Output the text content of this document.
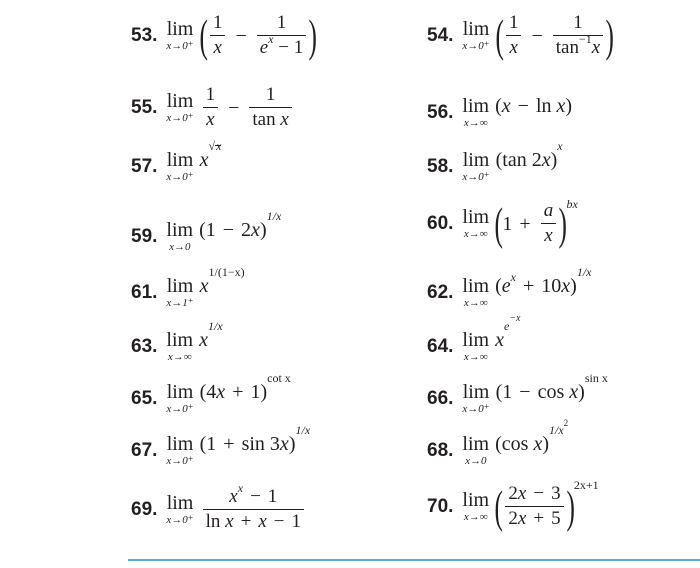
53. lim
x→0⁺ ( $\frac{1}{x} - \frac{1}{e^x - 1}$ )	54. lim
x→0⁺ ( $\frac{1}{x} - \frac{1}{\tan^{-1}x}$ )
55. lim
$x\to 0^+ \frac{1}{x} - \frac{1}{\text{tan x}}$	56. lim
x→∞
(x − ln x)
57. lim
x→0⁺
$x^{√x}$
58. lim
x→0⁺
(tan 2x)$^x$
59. lim
x→0
$(1 - 2x)^{1/x}$	60. lim
x→∞ ( $1 + \frac{a}{x}$ ) $^{bx}$
61. lim
x→1⁺
$x^{1/(1-x)}$
62. lim
x→∞
$(e^x + 10x)^{1/x}$
63. lim
x→∞
$x^{1/x}$
64. lim
x→∞
$x^{e^{-x}}$
65. lim
x→0⁺
$(4x + 1)^{cot x}$
66. lim
x→0⁺
$(1 - \cos x)^{sin x}$
67. lim
x→0⁺
$(1 + \sin 3x)^{1/x}$
68. lim
x→0
(cos x)$^{1/x^2}$
69. lim
$x\to 0^+ \frac{x^x - 1}{\text{ln x + x − 1}}$	70. lim
x→∞ ( $\frac{2x - 3}{2x + 5}$ ) $^{2x+1}$
